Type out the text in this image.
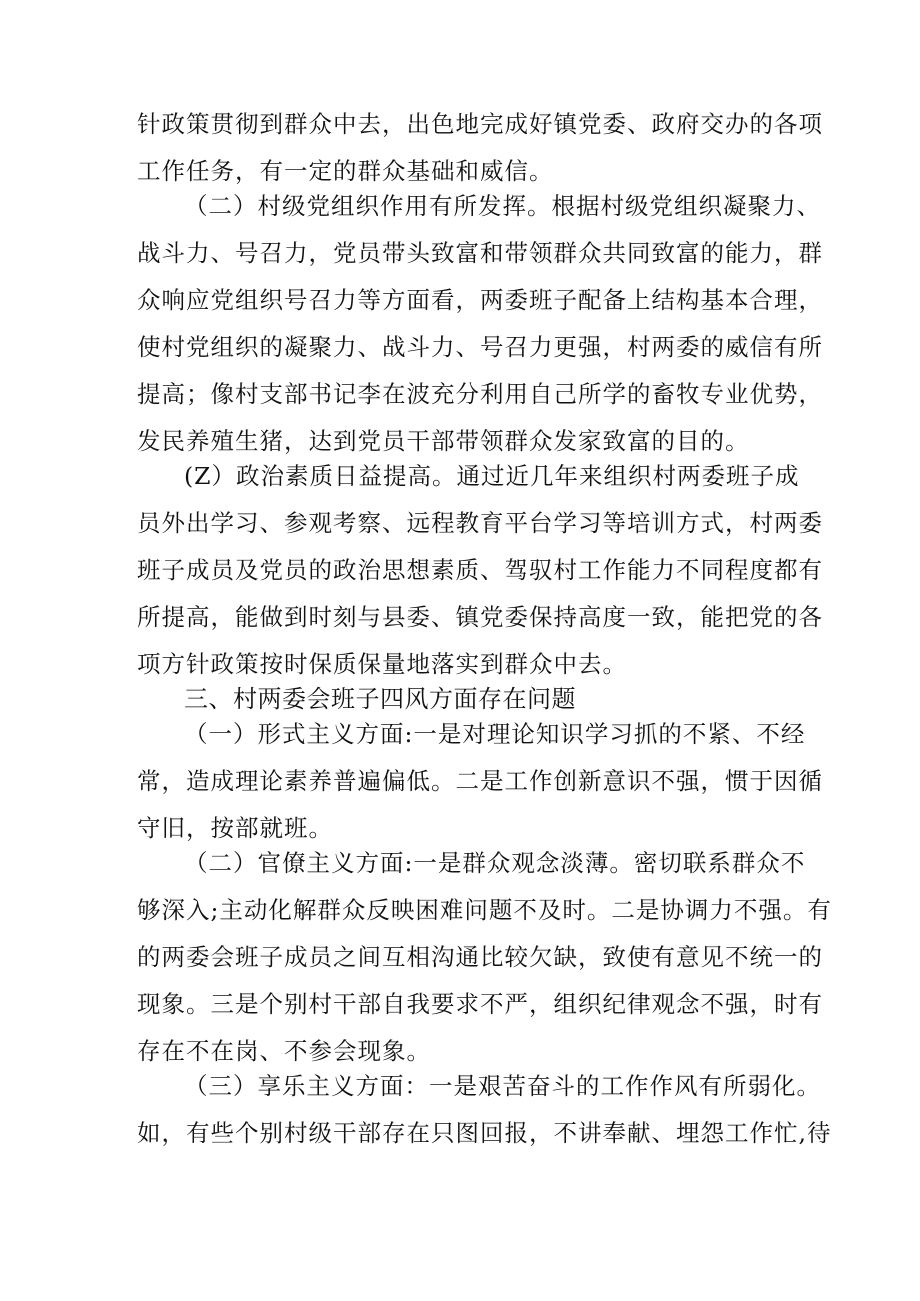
针政策贯彻到群众中去，出色地完成好镇党委、政府交办的各项
工作任务，有一定的群众基础和威信。
（二）村级党组织作用有所发挥。根据村级党组织凝聚力、
战斗力、号召力，党员带头致富和带领群众共同致富的能力，群
众响应党组织号召力等方面看，两委班子配备上结构基本合理，
使村党组织的凝聚力、战斗力、号召力更强，村两委的威信有所
提高；像村支部书记李在波充分利用自己所学的畜牧专业优势，
发民养殖生猪，达到党员干部带领群众发家致富的目的。
(Z）政治素质日益提高。通过近几年来组织村两委班子成
员外出学习、参观考察、远程教育平台学习等培训方式，村两委
班子成员及党员的政治思想素质、驾驭村工作能力不同程度都有
所提高，能做到时刻与县委、镇党委保持高度一致，能把党的各
项方针政策按时保质保量地落实到群众中去。
三、村两委会班子四风方面存在问题
（一）形式主义方面:一是对理论知识学习抓的不紧、不经
常，造成理论素养普遍偏低。二是工作创新意识不强，惯于因循
守旧，按部就班。
（二）官僚主义方面:一是群众观念淡薄。密切联系群众不
够深入;主动化解群众反映困难问题不及时。二是协调力不强。有
的两委会班子成员之间互相沟通比较欠缺，致使有意见不统一的
现象。三是个别村干部自我要求不严，组织纪律观念不强，时有
存在不在岗、不参会现象。
（三）享乐主义方面：一是艰苦奋斗的工作作风有所弱化。
如，有些个别村级干部存在只图回报，不讲奉献、埋怨工作忙,待
